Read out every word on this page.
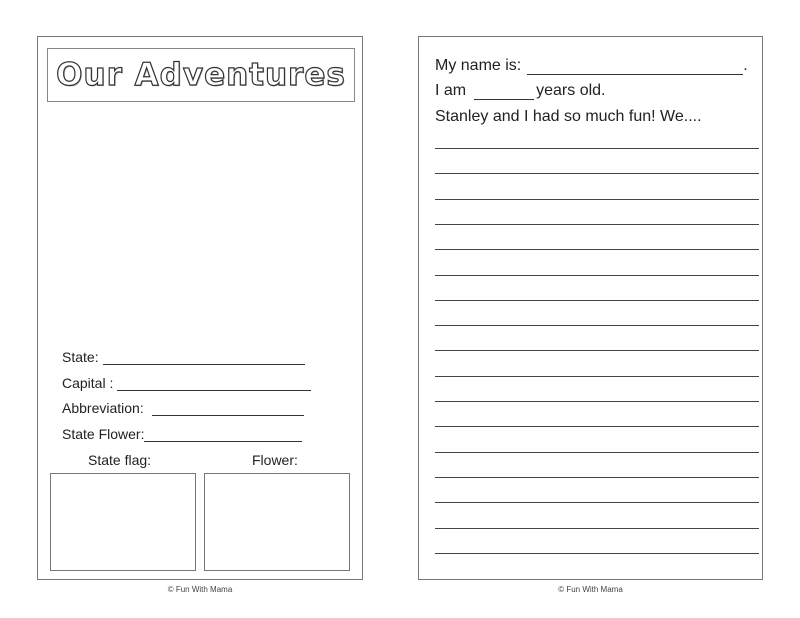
Our Adventures
State:
Capital :
Abbreviation:
State Flower:
State flag:	Flower:
My name is:	.
I am	years old.
Stanley and I had so much fun! We....
© Fun With Mama	© Fun With Mama
